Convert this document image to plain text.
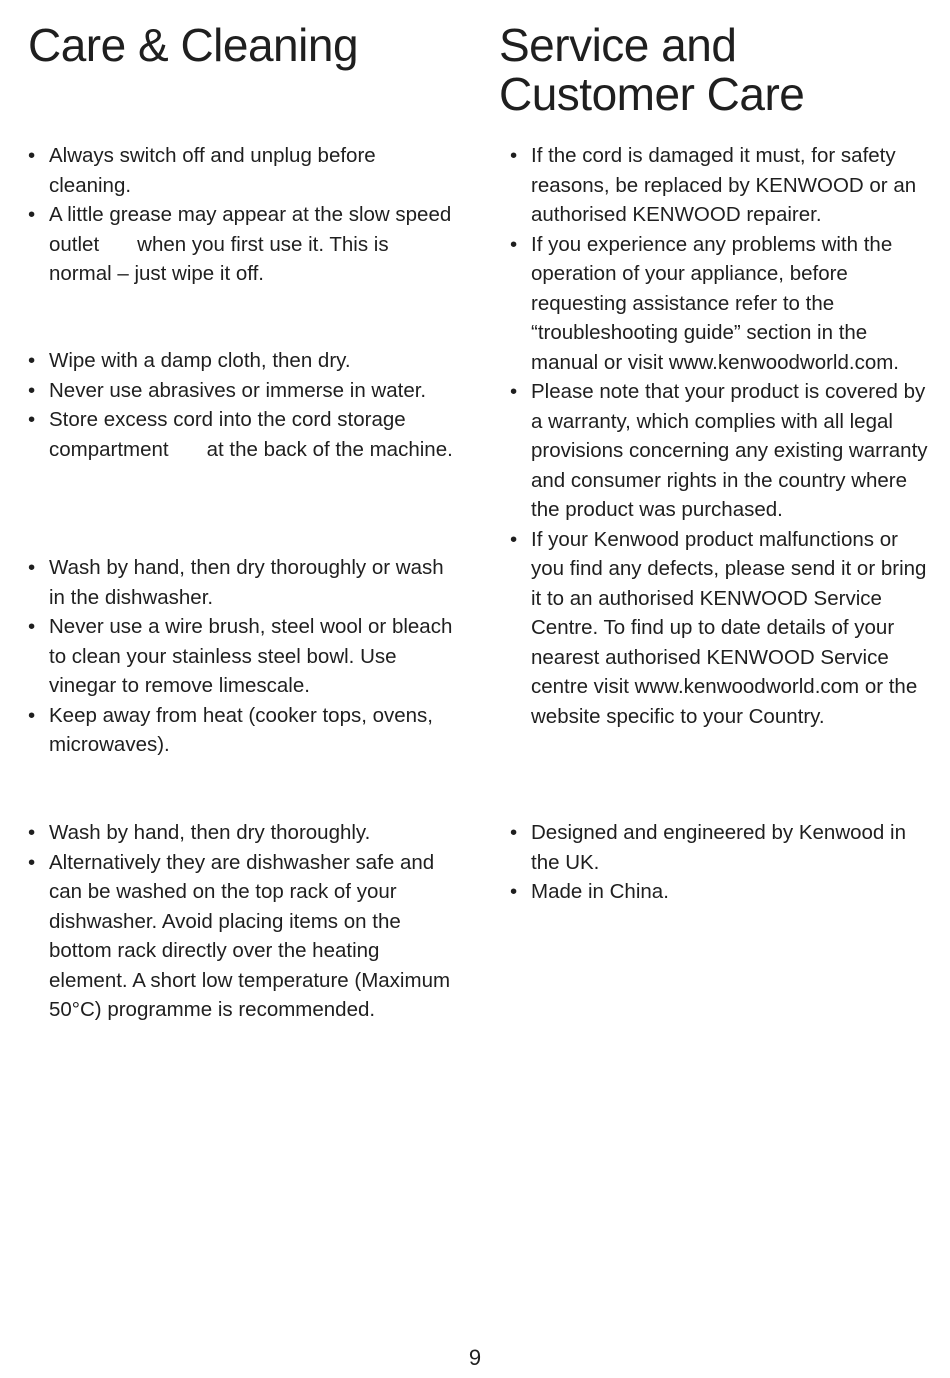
Care & Cleaning	Service and
Customer Care
• Always switch off and unplug before cleaning.
• A little grease may appear at the slow speed outlet when you first use it. This is normal – just wipe it off.
• Wipe with a damp cloth, then dry.
• Never use abrasives or immerse in water.
• Store excess cord into the cord storage compartment at the back of the machine.
• Wash by hand, then dry thoroughly or wash in the dishwasher.
• Never use a wire brush, steel wool or bleach to clean your stainless steel bowl. Use vinegar to remove limescale.
• Keep away from heat (cooker tops, ovens, microwaves).
• Wash by hand, then dry thoroughly.
• Alternatively they are dishwasher safe and can be washed on the top rack of your dishwasher. Avoid placing items on the bottom rack directly over the heating element. A short low temperature (Maximum 50°C) programme is recommended.
• If the cord is damaged it must, for safety reasons, be replaced by KENWOOD or an authorised KENWOOD repairer.
• If you experience any problems with the operation of your appliance, before requesting assistance refer to the “troubleshooting guide” section in the manual or visit www.kenwoodworld.com.
• Please note that your product is covered by a warranty, which complies with all legal provisions concerning any existing warranty and consumer rights in the country where the product was purchased.
• If your Kenwood product malfunctions or you find any defects, please send it or bring it to an authorised KENWOOD Service Centre. To find up to date details of your nearest authorised KENWOOD Service centre visit www.kenwoodworld.com or the website specific to your Country.
• Designed and engineered by Kenwood in the UK.
• Made in China.
9
